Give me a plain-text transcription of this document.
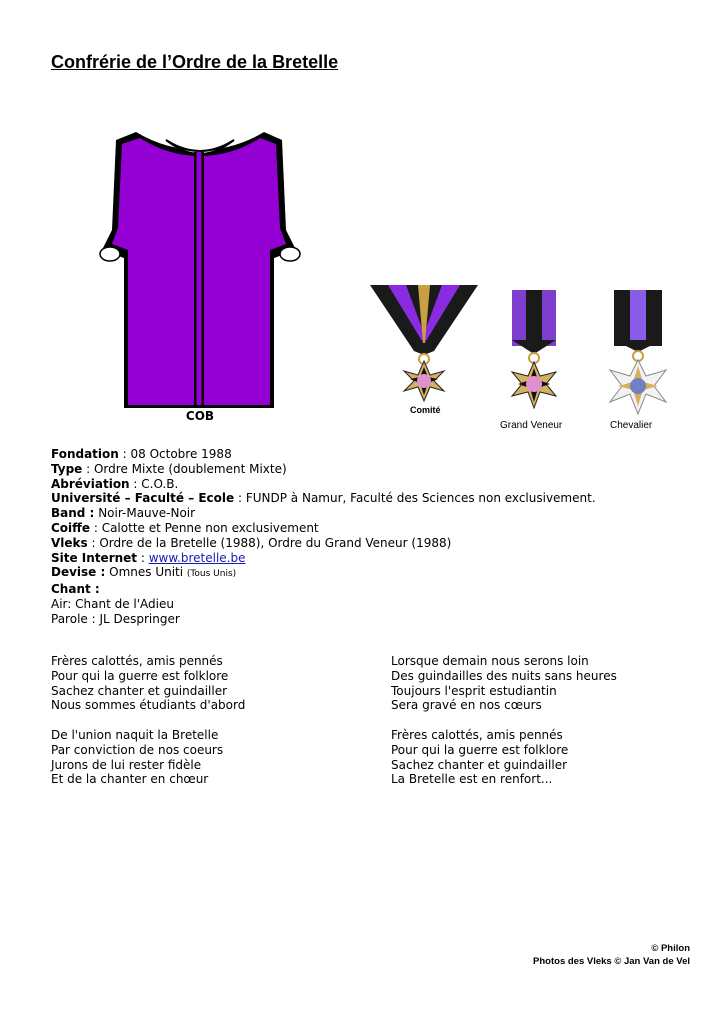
Confrérie de l’Ordre de la Bretelle
COB	Comité
Grand Veneur	Chevalier
Fondation : 08 Octobre 1988
Type : Ordre Mixte (doublement Mixte)
Abréviation : C.O.B.
Université – Faculté – Ecole : FUNDP à Namur, Faculté des Sciences non exclusivement.
Band : Noir-Mauve-Noir
Coiffe : Calotte et Penne non exclusivement
Vleks : Ordre de la Bretelle (1988), Ordre du Grand Veneur (1988)
Site Internet : www.bretelle.be
Devise : Omnes Uniti (Tous Unis)
Chant :
Air: Chant de l'Adieu
Parole : JL Despringer
Frères calottés, amis pennés
Pour qui la guerre est folklore
Sachez chanter et guindailler
Nous sommes étudiants d'abord
De l'union naquit la Bretelle
Par conviction de nos coeurs
Jurons de lui rester fidèle
Et de la chanter en chœur
Lorsque demain nous serons loin
Des guindailles des nuits sans heures
Toujours l'esprit estudiantin
Sera gravé en nos cœurs
Frères calottés, amis pennés
Pour qui la guerre est folklore
Sachez chanter et guindailler
La Bretelle est en renfort...
© Philon
Photos des Vleks © Jan Van de Vel
